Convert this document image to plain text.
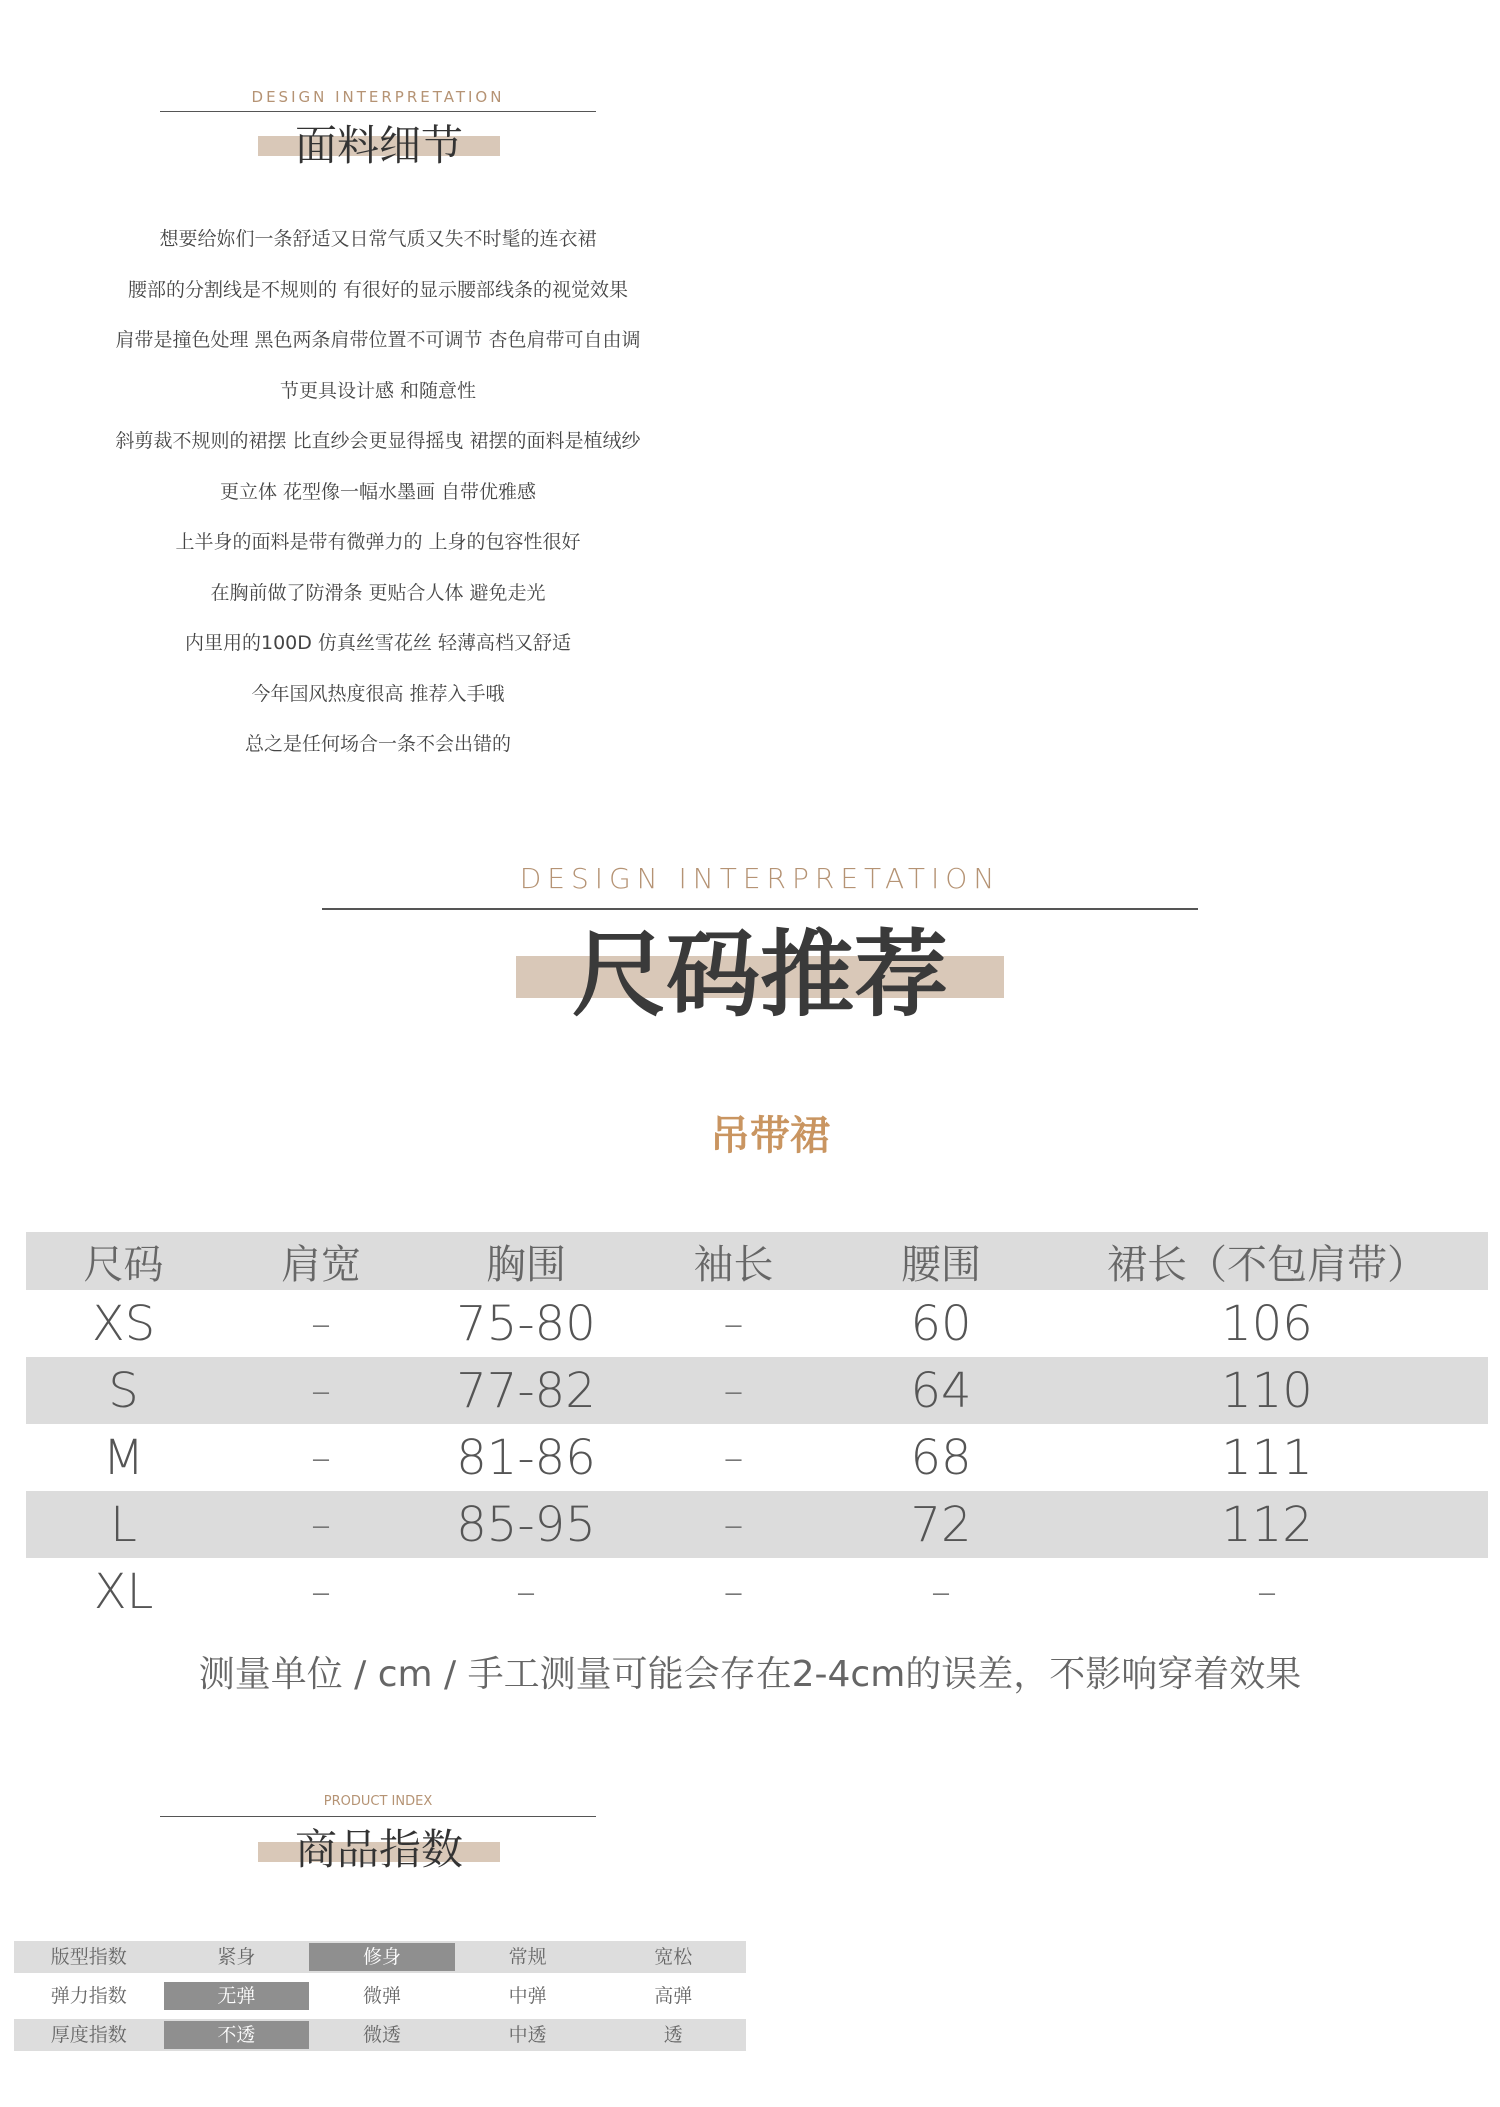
DESIGN INTERPRETATION
面料细节
想要给妳们一条舒适又日常气质又失不时髦的连衣裙
腰部的分割线是不规则的 有很好的显示腰部线条的视觉效果
肩带是撞色处理 黑色两条肩带位置不可调节 杏色肩带可自由调
节更具设计感 和随意性
斜剪裁不规则的裙摆 比直纱会更显得摇曳 裙摆的面料是植绒纱
更立体 花型像一幅水墨画 自带优雅感
上半身的面料是带有微弹力的 上身的包容性很好
在胸前做了防滑条 更贴合人体 避免走光
内里用的100D 仿真丝雪花丝 轻薄高档又舒适
今年国风热度很高 推荐入手哦
总之是任何场合一条不会出错的
DESIGN INTERPRETATION
尺码推荐
吊带裙
尺码	肩宽	胸围	袖长	腰围	裙长（不包肩带）
XS	–	75-80	–	60	106
S	–	77-82	–	64	110
M	–	81-86	–	68	111
L	–	85-95	–	72	112
XL	–	–	–	–	–
测量单位 / cm / 手工测量可能会存在2-4cm的误差，不影响穿着效果
PRODUCT INDEX
商品指数
版型指数	紧身	修身	常规	宽松
弹力指数	无弹	微弹	中弹	高弹
厚度指数	不透	微透	中透	透
